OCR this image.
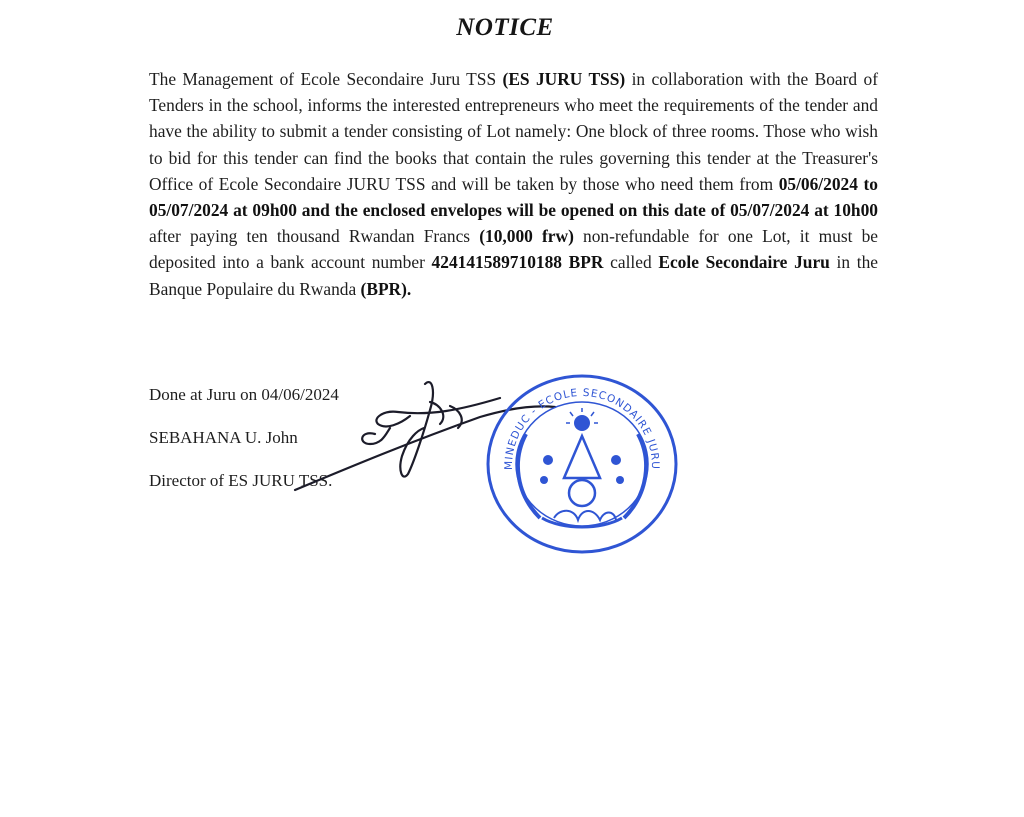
NOTICE
The Management of Ecole Secondaire Juru TSS (ES JURU TSS) in collaboration with the Board of Tenders in the school, informs the interested entrepreneurs who meet the requirements of the tender and have the ability to submit a tender consisting of Lot namely: One block of three rooms. Those who wish to bid for this tender can find the books that contain the rules governing this tender at the Treasurer's Office of Ecole Secondaire JURU TSS and will be taken by those who need them from 05/06/2024 to 05/07/2024 at 09h00 and the enclosed envelopes will be opened on this date of 05/07/2024 at 10h00 after paying ten thousand Rwandan Francs (10,000 frw) non-refundable for one Lot, it must be deposited into a bank account number 424141589710188 BPR called Ecole Secondaire Juru in the Banque Populaire du Rwanda (BPR).
Done at Juru on 04/06/2024
SEBAHANA U. John
Director of ES JURU TSS.
MINEDUC - ECOLE SECONDAIRE JURU
